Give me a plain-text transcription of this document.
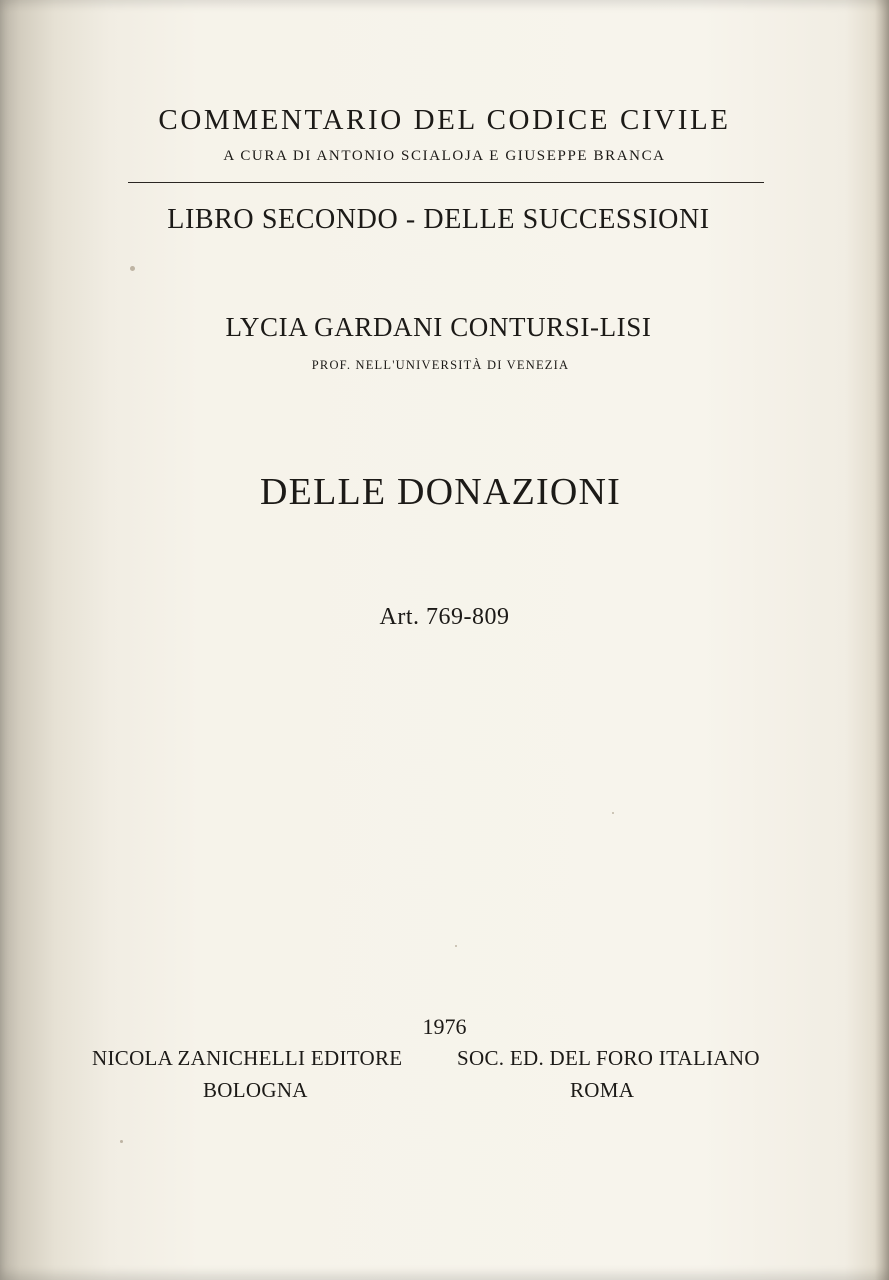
COMMENTARIO DEL CODICE CIVILE
A CURA DI ANTONIO SCIALOJA E GIUSEPPE BRANCA
LIBRO SECONDO - DELLE SUCCESSIONI
LYCIA GARDANI CONTURSI-LISI
PROF. NELL'UNIVERSITÀ DI VENEZIA
DELLE DONAZIONI
Art. 769-809
1976
NICOLA ZANICHELLI EDITORE
BOLOGNA
SOC. ED. DEL FORO ITALIANO
ROMA
